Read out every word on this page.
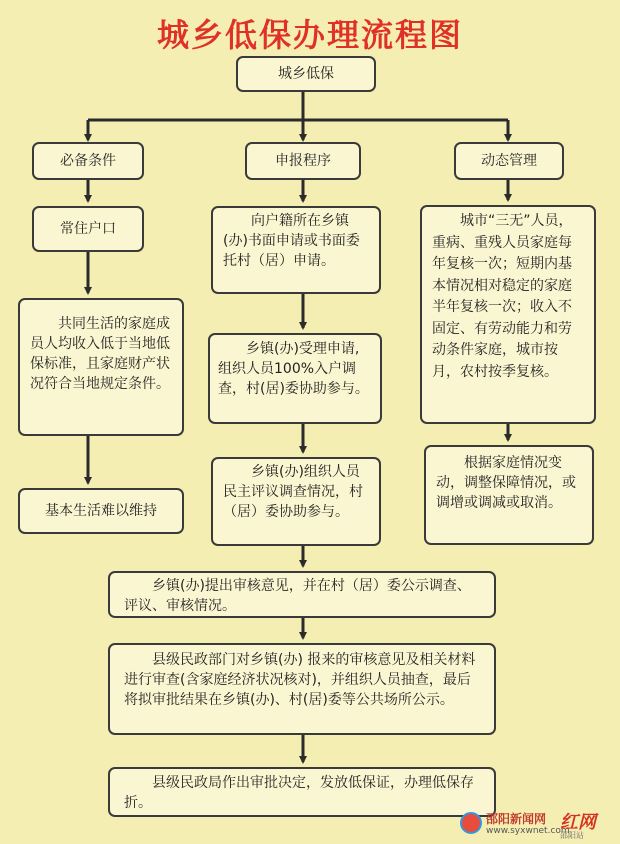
城乡低保办理流程图
城乡低保
必备条件	申报程序	动态管理
常住户口
　　共同生活的家庭成员人均收入低于当地低保标准，且家庭财产状况符合当地规定条件。
基本生活难以维持
　　向户籍所在乡镇(办)书面申请或书面委托村（居）申请。
　　乡镇(办)受理申请,组织人员100%入户调查，村(居)委协助参与。
　　乡镇(办)组织人员民主评议调查情况，村（居）委协助参与。
　　乡镇(办)提出审核意见，并在村（居）委公示调查、评议、审核情况。
　　县级民政部门对乡镇(办) 报来的审核意见及相关材料进行审查(含家庭经济状况核对)，并组织人员抽查，最后将拟审批结果在乡镇(办)、村(居)委等公共场所公示。
　　县级民政局作出审批决定，发放低保证，办理低保存折。
　　城市“三无”人员，重病、重残人员家庭每年复核一次；短期内基本情况相对稳定的家庭半年复核一次；收入不固定、有劳动能力和劳动条件家庭，城市按月，农村按季复核。
　　根据家庭情况变动，调整保障情况，或调增或调减或取消。
邵阳新闻网
www.syxwnet.com
红网
邵阳站
